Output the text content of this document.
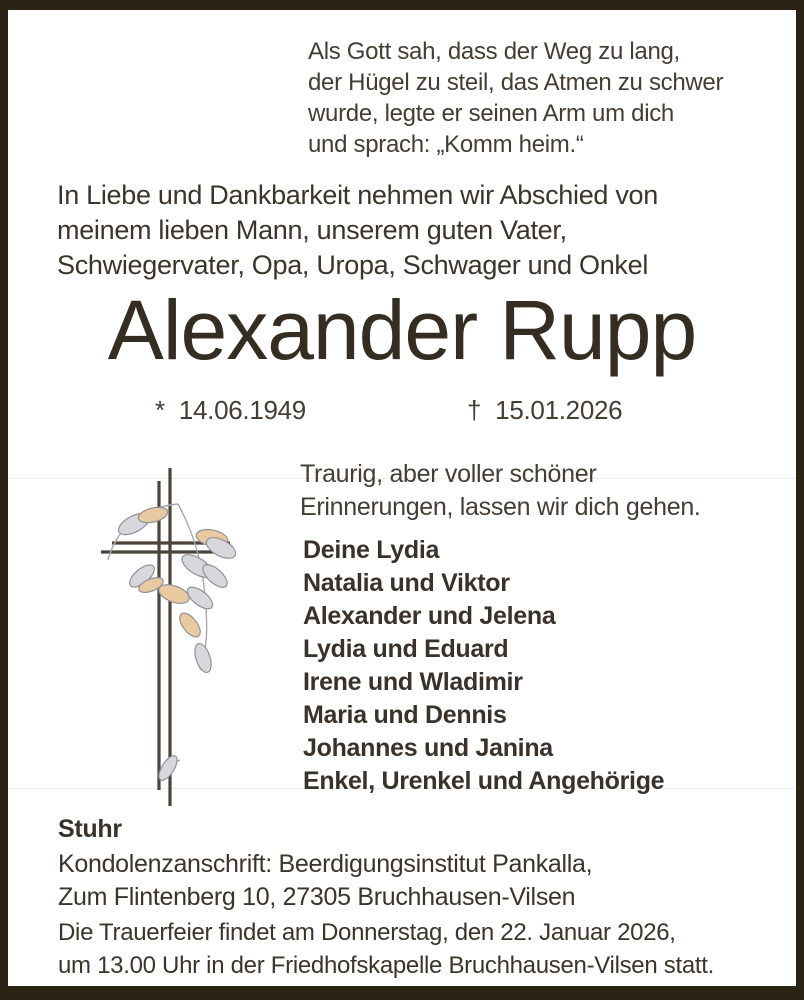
Als Gott sah, dass der Weg zu lang,
der Hügel zu steil, das Atmen zu schwer
wurde, legte er seinen Arm um dich
und sprach: „Komm heim.“
In Liebe und Dankbarkeit nehmen wir Abschied von
meinem lieben Mann, unserem guten Vater,
Schwiegervater, Opa, Uropa, Schwager und Onkel
Alexander Rupp
* 14.06.1949	† 15.01.2026
Traurig, aber voller schöner
Erinnerungen, lassen wir dich gehen.
Deine Lydia
Natalia und Viktor
Alexander und Jelena
Lydia und Eduard
Irene und Wladimir
Maria und Dennis
Johannes und Janina
Enkel, Urenkel und Angehörige
Stuhr
Kondolenzanschrift: Beerdigungsinstitut Pankalla,
Zum Flintenberg 10, 27305 Bruchhausen-Vilsen
Die Trauerfeier findet am Donnerstag, den 22. Januar 2026,
um 13.00 Uhr in der Friedhofskapelle Bruchhausen-Vilsen statt.
